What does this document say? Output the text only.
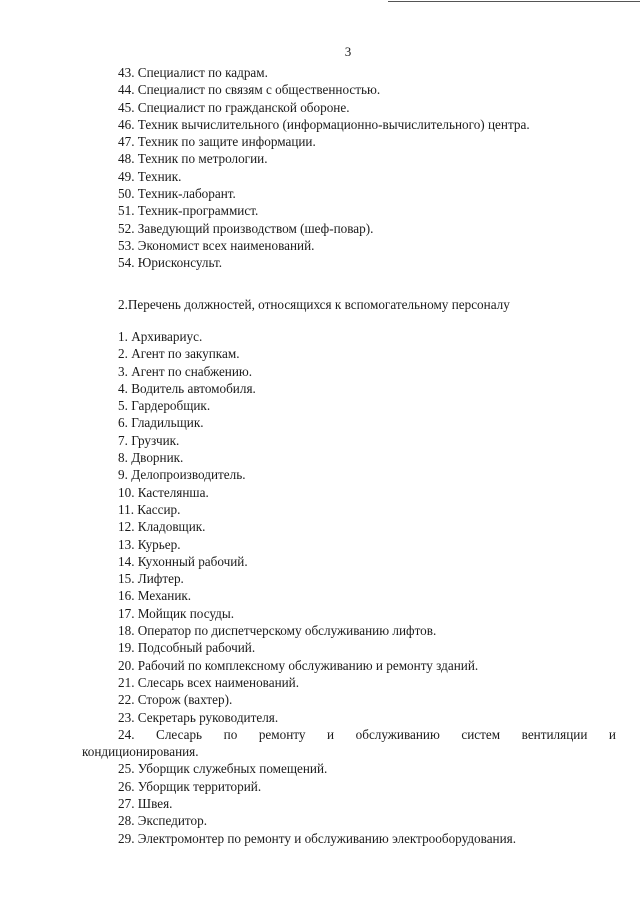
3
43. Специалист по кадрам.
44. Специалист по связям с общественностью.
45. Специалист по гражданской обороне.
46. Техник вычислительного (информационно-вычислительного) центра.
47. Техник по защите информации.
48. Техник по метрологии.
49. Техник.
50. Техник-лаборант.
51. Техник-программист.
52. Заведующий производством (шеф-повар).
53. Экономист всех наименований.
54. Юрисконсульт.
2.Перечень должностей, относящихся к вспомогательному персоналу
1. Архивариус.
2. Агент по закупкам.
3. Агент по снабжению.
4. Водитель автомобиля.
5. Гардеробщик.
6. Гладильщик.
7. Грузчик.
8. Дворник.
9. Делопроизводитель.
10. Кастелянша.
11. Кассир.
12. Кладовщик.
13. Курьер.
14. Кухонный рабочий.
15. Лифтер.
16. Механик.
17. Мойщик посуды.
18. Оператор по диспетчерскому обслуживанию лифтов.
19. Подсобный рабочий.
20. Рабочий по комплексному обслуживанию и ремонту зданий.
21. Слесарь всех наименований.
22. Сторож (вахтер).
23. Секретарь руководителя.
24. Слесарь по ремонту и обслуживанию систем вентиляции и
кондиционирования.
25. Уборщик служебных помещений.
26. Уборщик территорий.
27. Швея.
28. Экспедитор.
29. Электромонтер по ремонту и обслуживанию электрооборудования.
